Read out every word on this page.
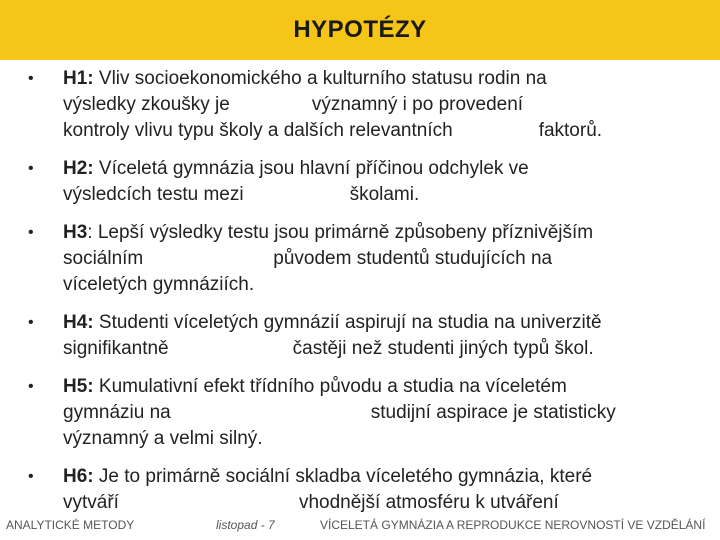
HYPOTÉZY
• H1: Vliv socioekonomického a kulturního statusu rodin na
výsledky zkoušky je	významný i po provedení
kontroly vlivu typu školy a dalších relevantních	faktorů.
• H2: Víceletá gymnázia jsou hlavní příčinou odchylek ve
výsledcích testu mezi	školami.
• H3: Lepší výsledky testu jsou primárně způsobeny příznivějším
sociálním	původem studentů studujících na
víceletých gymnáziích.
• H4: Studenti víceletých gymnázií aspirují na studia na univerzitě
signifikantně	častěji než studenti jiných typů škol.
• H5: Kumulativní efekt třídního původu a studia na víceletém
gymnáziu na	studijní aspirace je statisticky
významný a velmi silný.
• H6: Je to primárně sociální skladba víceletého gymnázia, které
vytváří	vhodnější atmosféru k utváření
ANALYTICKÉ METODY	listopad - 7	VÍCELETÁ GYMNÁZIA A REPRODUKCE NEROVNOSTÍ VE VZDĚLÁNÍ
